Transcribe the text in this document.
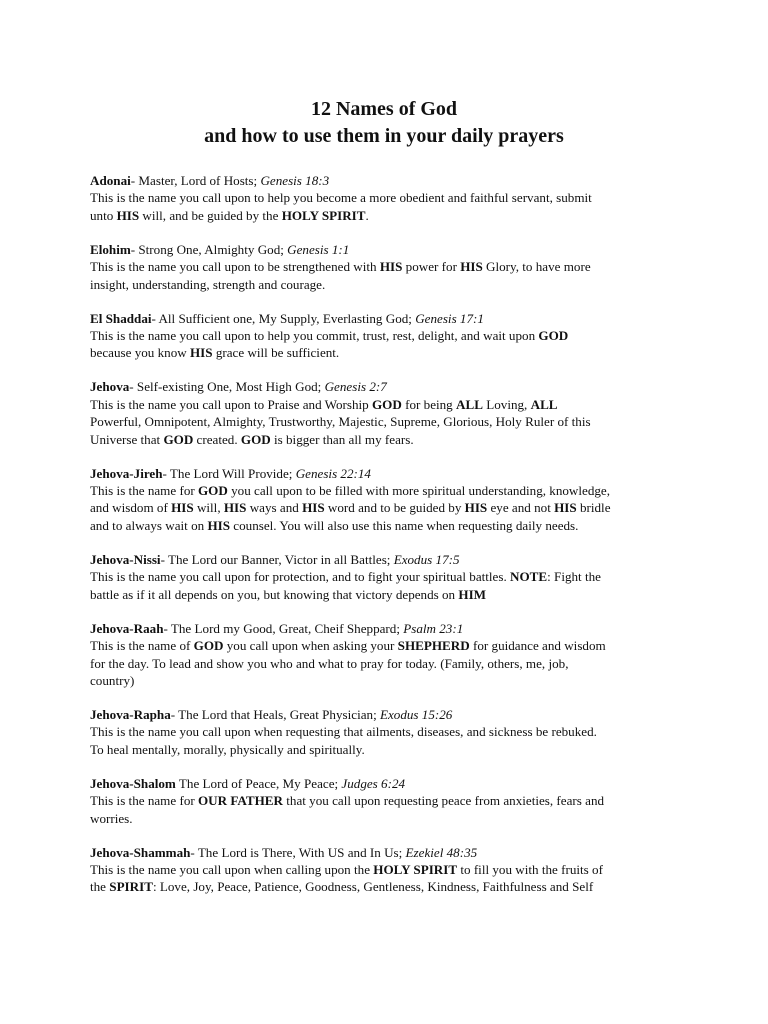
12 Names of God
and how to use them in your daily prayers
Adonai- Master, Lord of Hosts; Genesis 18:3
This is the name you call upon to help you become a more obedient and faithful servant, submit
unto HIS will, and be guided by the HOLY SPIRIT.
Elohim- Strong One, Almighty God; Genesis 1:1
This is the name you call upon to be strengthened with HIS power for HIS Glory, to have more
insight, understanding, strength and courage.
El Shaddai- All Sufficient one, My Supply, Everlasting God; Genesis 17:1
This is the name you call upon to help you commit, trust, rest, delight, and wait upon GOD
because you know HIS grace will be sufficient.
Jehova- Self-existing One, Most High God; Genesis 2:7
This is the name you call upon to Praise and Worship GOD for being ALL Loving, ALL
Powerful, Omnipotent, Almighty, Trustworthy, Majestic, Supreme, Glorious, Holy Ruler of this
Universe that GOD created. GOD is bigger than all my fears.
Jehova-Jireh- The Lord Will Provide; Genesis 22:14
This is the name for GOD you call upon to be filled with more spiritual understanding, knowledge,
and wisdom of HIS will, HIS ways and HIS word and to be guided by HIS eye and not HIS bridle
and to always wait on HIS counsel. You will also use this name when requesting daily needs.
Jehova-Nissi- The Lord our Banner, Victor in all Battles; Exodus 17:5
This is the name you call upon for protection, and to fight your spiritual battles. NOTE: Fight the
battle as if it all depends on you, but knowing that victory depends on HIM
Jehova-Raah- The Lord my Good, Great, Cheif Sheppard; Psalm 23:1
This is the name of GOD you call upon when asking your SHEPHERD for guidance and wisdom
for the day. To lead and show you who and what to pray for today. (Family, others, me, job,
country)
Jehova-Rapha- The Lord that Heals, Great Physician; Exodus 15:26
This is the name you call upon when requesting that ailments, diseases, and sickness be rebuked.
To heal mentally, morally, physically and spiritually.
Jehova-Shalom The Lord of Peace, My Peace; Judges 6:24
This is the name for OUR FATHER that you call upon requesting peace from anxieties, fears and
worries.
Jehova-Shammah- The Lord is There, With US and In Us; Ezekiel 48:35
This is the name you call upon when calling upon the HOLY SPIRIT to fill you with the fruits of
the SPIRIT: Love, Joy, Peace, Patience, Goodness, Gentleness, Kindness, Faithfulness and Self
